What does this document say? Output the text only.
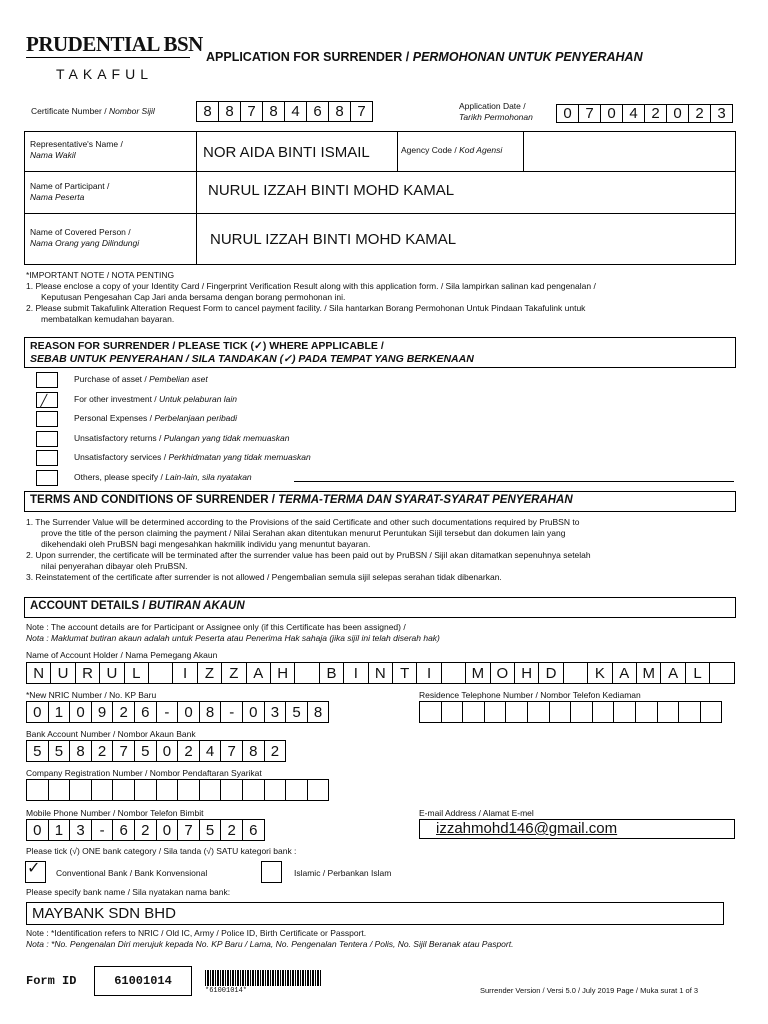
PRUDENTIAL BSN
TAKAFUL
APPLICATION FOR SURRENDER / PERMOHONAN UNTUK PENYERAHAN
Certificate Number / Nombor Sijil	8 8 7 8 4 6 8 7	Application Date /
Tarikh Permohonan	0 7 0 4 2 0 2 3
Representative's Name /
Nama Wakil	NOR AIDA BINTI ISMAIL	Agency Code / Kod Agensi
Name of Participant /
Nama Peserta	NURUL IZZAH BINTI MOHD KAMAL
Name of Covered Person /
Nama Orang yang Dilindungi	NURUL IZZAH BINTI MOHD KAMAL
*IMPORTANT NOTE / NOTA PENTING
1. Please enclose a copy of your Identity Card / Fingerprint Verification Result along with this application form. / Sila lampirkan salinan kad pengenalan /
Keputusan Pengesahan Cap Jari anda bersama dengan borang permohonan ini.
2. Please submit Takafulink Alteration Request Form to cancel payment facility. / Sila hantarkan Borang Permohonan Untuk Pindaan Takafulink untuk
membatalkan kemudahan bayaran.
REASON FOR SURRENDER / PLEASE TICK (✓) WHERE APPLICABLE /
SEBAB UNTUK PENYERAHAN / SILA TANDAKAN (✓) PADA TEMPAT YANG BERKENAAN
Purchase of asset / Pembelian aset
╱	For other investment / Untuk pelaburan lain
Personal Expenses / Perbelanjaan peribadi
Unsatisfactory returns / Pulangan yang tidak memuaskan
Unsatisfactory services / Perkhidmatan yang tidak memuaskan
Others, please specify / Lain-lain, sila nyatakan
TERMS AND CONDITIONS OF SURRENDER / TERMA-TERMA DAN SYARAT-SYARAT PENYERAHAN
1. The Surrender Value will be determined according to the Provisions of the said Certificate and other such documentations required by PruBSN to
prove the title of the person claiming the payment / Nilai Serahan akan ditentukan menurut Peruntukan Sijil tersebut dan dokumen lain yang
dikehendaki oleh PruBSN bagi mengesahkan hakmilik individu yang menuntut bayaran.
2. Upon surrender, the certificate will be terminated after the surrender value has been paid out by PruBSN / Sijil akan ditamatkan sepenuhnya setelah
nilai penyerahan dibayar oleh PruBSN.
3. Reinstatement of the certificate after surrender is not allowed / Pengembalian semula sijil selepas serahan tidak dibenarkan.
ACCOUNT DETAILS / BUTIRAN AKAUN
Note : The account details are for Participant or Assignee only (if this Certificate has been assigned) /
Nota : Maklumat butiran akaun adalah untuk Peserta atau Penerima Hak sahaja (jika sijil ini telah diserah hak)
Name of Account Holder / Nama Pemegang Akaun
N U R U L	I	Z	Z A H	B	I	N T	I	M O H D	K A M A	L
*New NRIC Number / No. KP Baru
0 1 0 9 2 6 - 0 8 - 0 3 5 8
Residence Telephone Number / Nombor Telefon Kediaman
Bank Account Number / Nombor Akaun Bank
5 5 8 2 7 5 0 2 4 7 8 2
Company Registration Number / Nombor Pendaftaran Syarikat
Mobile Phone Number / Nombor Telefon Bimbit
0 1 3 - 6 2 0 7 5 2 6
E-mail Address / Alamat E-mel
izzahmohd146@gmail.com
Please tick (√) ONE bank category / Sila tanda (√) SATU kategori bank :
✓ Conventional Bank / Bank Konvensional	Islamic / Perbankan Islam
Please specify bank name / Sila nyatakan nama bank:
MAYBANK SDN BHD
Note : *Identification refers to NRIC / Old IC, Army / Police ID, Birth Certificate or Passport.
Nota : *No. Pengenalan Diri merujuk kepada No. KP Baru / Lama, No. Pengenalan Tentera / Polis, No. Sijil Beranak atau Pasport.
Form ID	61001014
*61001014*	Surrender Version / Versi 5.0 / July 2019 Page / Muka surat 1 of 3
